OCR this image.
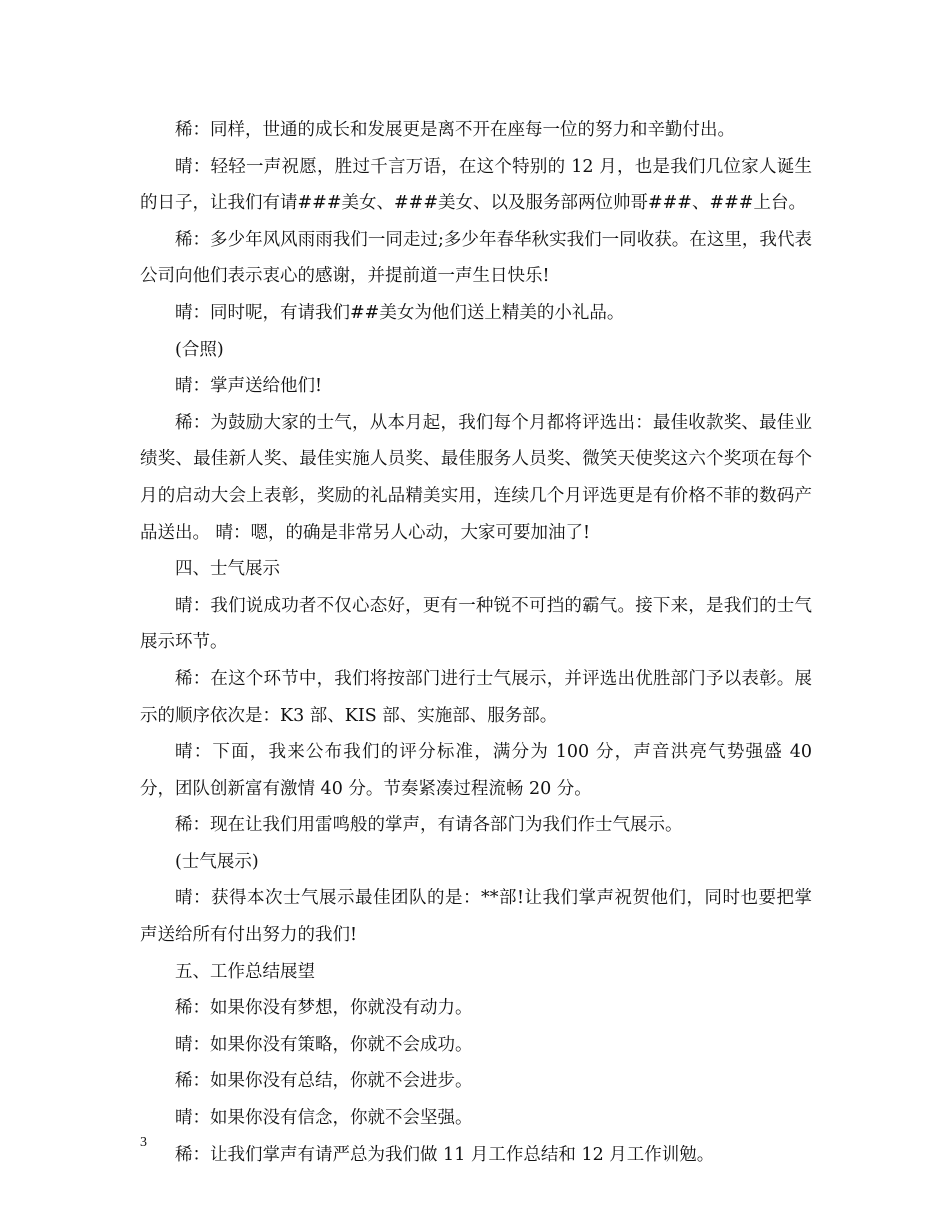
稀：同样，世通的成长和发展更是离不开在座每一位的努力和辛勤付出。

晴：轻轻一声祝愿，胜过千言万语，在这个特别的 12 月，也是我们几位家人诞生的日子，让我们有请###美女、###美女、以及服务部两位帅哥###、###上台。

稀：多少年风风雨雨我们一同走过;多少年春华秋实我们一同收获。在这里，我代表公司向他们表示衷心的感谢，并提前道一声生日快乐!

晴：同时呢，有请我们##美女为他们送上精美的小礼品。

(合照)

晴：掌声送给他们!

稀：为鼓励大家的士气，从本月起，我们每个月都将评选出：最佳收款奖、最佳业绩奖、最佳新人奖、最佳实施人员奖、最佳服务人员奖、微笑天使奖这六个奖项在每个月的启动大会上表彰，奖励的礼品精美实用，连续几个月评选更是有价格不菲的数码产品送出。 晴：嗯，的确是非常另人心动，大家可要加油了!

四、士气展示

晴：我们说成功者不仅心态好，更有一种锐不可挡的霸气。接下来，是我们的士气展示环节。

稀：在这个环节中，我们将按部门进行士气展示，并评选出优胜部门予以表彰。展示的顺序依次是：K3 部、KIS 部、实施部、服务部。

晴：下面，我来公布我们的评分标准，满分为 100 分，声音洪亮气势强盛 40 分，团队创新富有激情 40 分。节奏紧凑过程流畅 20 分。

稀：现在让我们用雷鸣般的掌声，有请各部门为我们作士气展示。

(士气展示)

晴：获得本次士气展示最佳团队的是：**部!让我们掌声祝贺他们，同时也要把掌声送给所有付出努力的我们!

五、工作总结展望

稀：如果你没有梦想，你就没有动力。

晴：如果你没有策略，你就不会成功。

稀：如果你没有总结，你就不会进步。

晴：如果你没有信念，你就不会坚强。

稀：让我们掌声有请严总为我们做 11 月工作总结和 12 月工作训勉。

3
